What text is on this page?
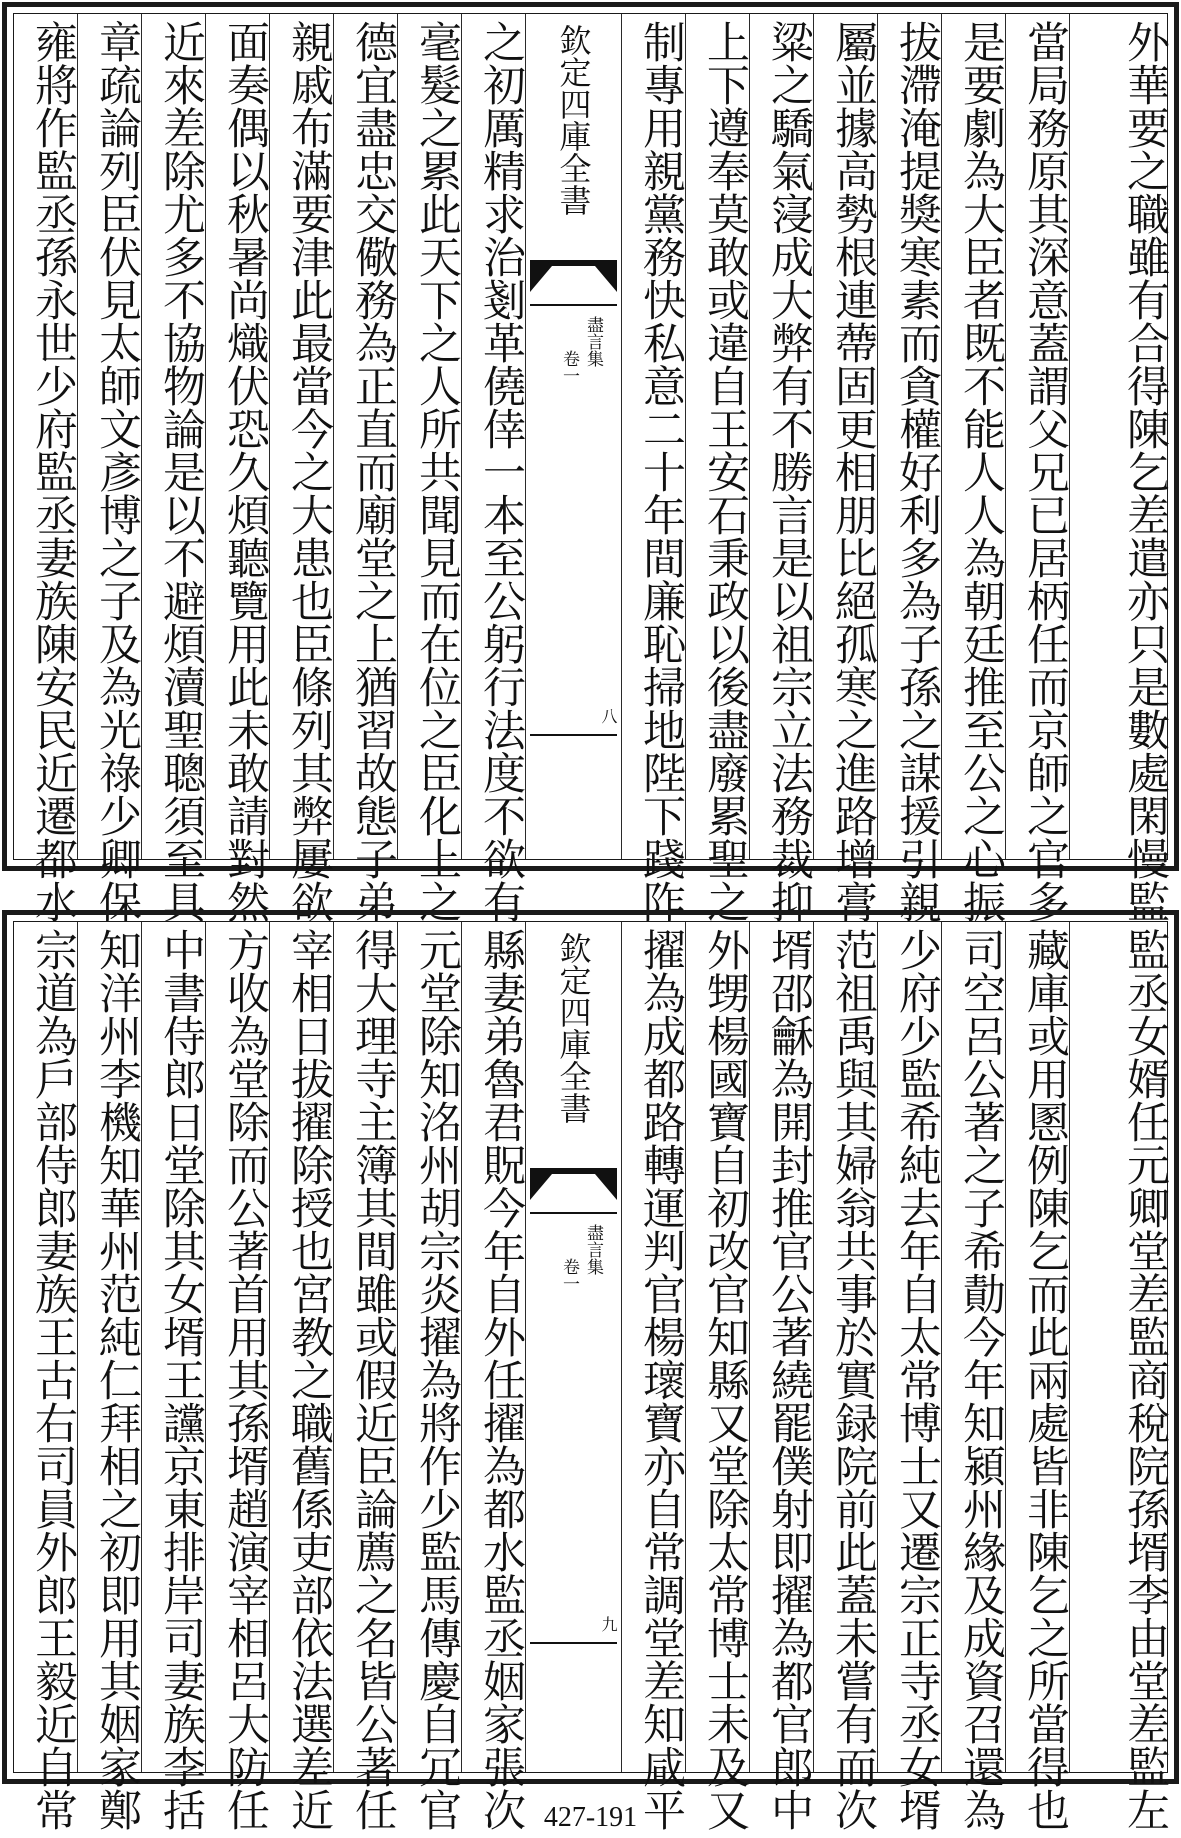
雍將作監丞孫永世少府監丞妻族陳安民近遷都水 章疏論列臣伏見太師文彥博之子及為光祿少卿保 近來差除尤多不協物論是以不避煩瀆聖聰須至具 面奏偶以秋暑尚熾伏恐久煩聽覽用此未敢請對然 親戚布滿要津此最當今之大患也臣條列其弊屢欲 德宜盡忠交儆務為正直而廟堂之上猶習故態子弟 毫髮之累此天下之人所共聞見而在位之臣化上之 之初厲精求治剗革僥倖一本至公躬行法度不欲有 欽定四庫全書
盡言集
卷一
八 制專用親黨務快私意二十年間廉恥掃地陛下踐阼 上下遵奉莫敢或違自王安石秉政以後盡廢累聖之 粱之驕氣寖成大弊有不勝言是以祖宗立法務裁抑 屬並據高勢根連蔕固更相朋比絕孤寒之進路增膏 拔滯淹提獎寒素而貪權好利多為子孫之謀援引親 是要劇為大臣者既不能人人為朝廷推至公之心振 當局務原其深意蓋謂父兄已居柄任而京師之官多	外華要之職雖有合得陳乞差遣亦只是數處閑慢監
宗道為戶部侍郎妻族王古右司員外郎王毅近自常 知洋州李機知華州范純仁拜相之初即用其姻家鄭 中書侍郎日堂除其女壻王讜京東排岸司妻族李括 方收為堂除而公著首用其孫壻趙演宰相呂大防任 宰相日拔擢除授也宮教之職舊係吏部依法選差近 得大理寺主簿其間雖或假近臣論薦之名皆公著任 元堂除知洺州胡宗炎擢為將作少監馬傳慶自冗官 縣妻弟魯君貺今年自外任擢為都水監丞姻家張次 欽定四庫全書
盡言集
卷一
九 擢為成都路轉運判官楊瓌寶亦自常調堂差知咸平 外甥楊國寶自初改官知縣又堂除太常博士未及又 壻邵龢為開封推官公著繞罷僕射即擢為都官郎中 范祖禹與其婦翁共事於實録院前此蓋未嘗有而次 少府少監希純去年自太常博士又遷宗正寺丞女壻 司空呂公著之子希勣今年知潁州緣及成資召還為 藏庫或用慁例陳乞而此兩處皆非陳乞之所當得也	監丞女婿任元卿堂差監商稅院孫壻李由堂差監左
427-191
